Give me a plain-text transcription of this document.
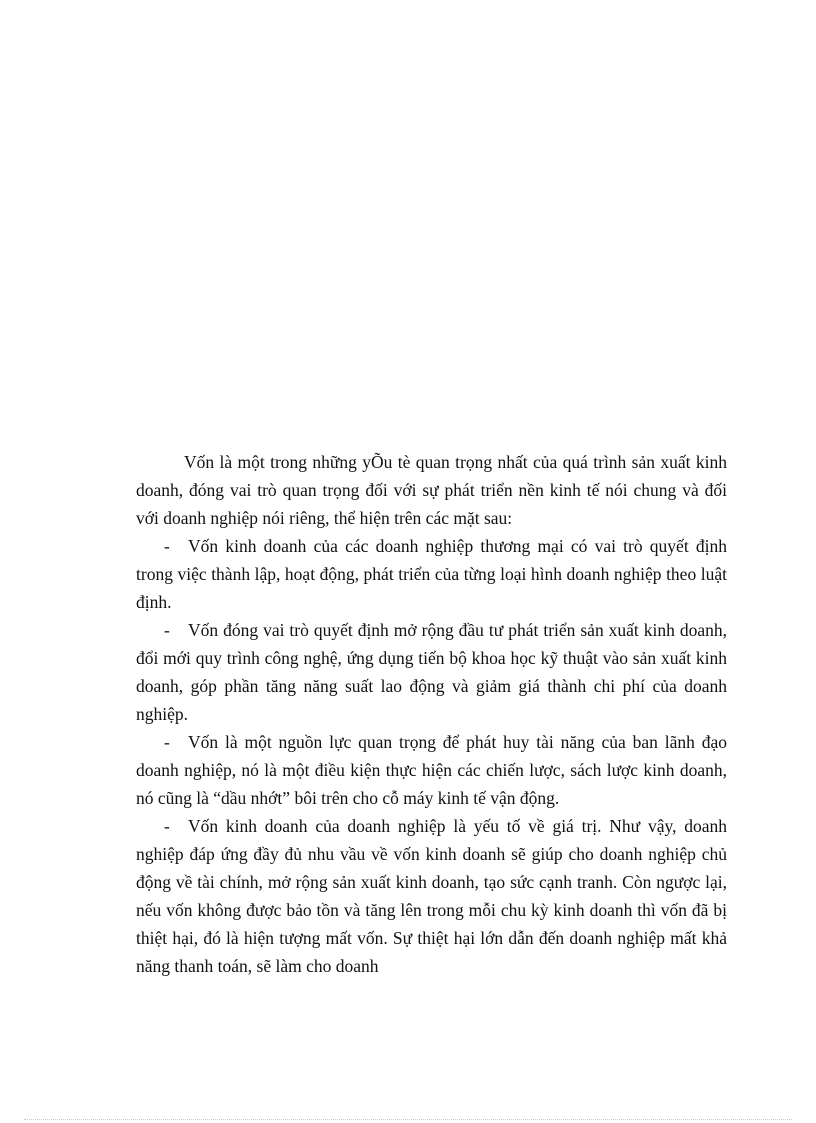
Vốn là một trong những yÕu tè quan trọng nhất của quá trình sản xuất kinh doanh, đóng vai trò quan trọng đối với sự phát triển nền kinh tế nói chung và đối với doanh nghiệp nói riêng, thể hiện trên các mặt sau:

- Vốn kinh doanh của các doanh nghiệp thương mại có vai trò quyết định trong việc thành lập, hoạt động, phát triển của từng loại hình doanh nghiệp theo luật định.

- Vốn đóng vai trò quyết định mở rộng đầu tư phát triển sản xuất kinh doanh, đổi mới quy trình công nghệ, ứng dụng tiến bộ khoa học kỹ thuật vào sản xuất kinh doanh, góp phần tăng năng suất lao động và giảm giá thành chi phí của doanh nghiệp.

- Vốn là một nguồn lực quan trọng để phát huy tài năng của ban lãnh đạo doanh nghiệp, nó là một điều kiện thực hiện các chiến lược, sách lược kinh doanh, nó cũng là “dầu nhớt” bôi trên cho cỗ máy kinh tế vận động.

- Vốn kinh doanh của doanh nghiệp là yếu tố về giá trị. Như vậy, doanh nghiệp đáp ứng đầy đủ nhu vầu về vốn kinh doanh sẽ giúp cho doanh nghiệp chủ động về tài chính, mở rộng sản xuất kinh doanh, tạo sức cạnh tranh. Còn ngược lại, nếu vốn không được bảo tồn và tăng lên trong mỗi chu kỳ kinh doanh thì vốn đã bị thiệt hại, đó là hiện tượng mất vốn. Sự thiệt hại lớn dẫn đến doanh nghiệp mất khả năng thanh toán, sẽ làm cho doanh
